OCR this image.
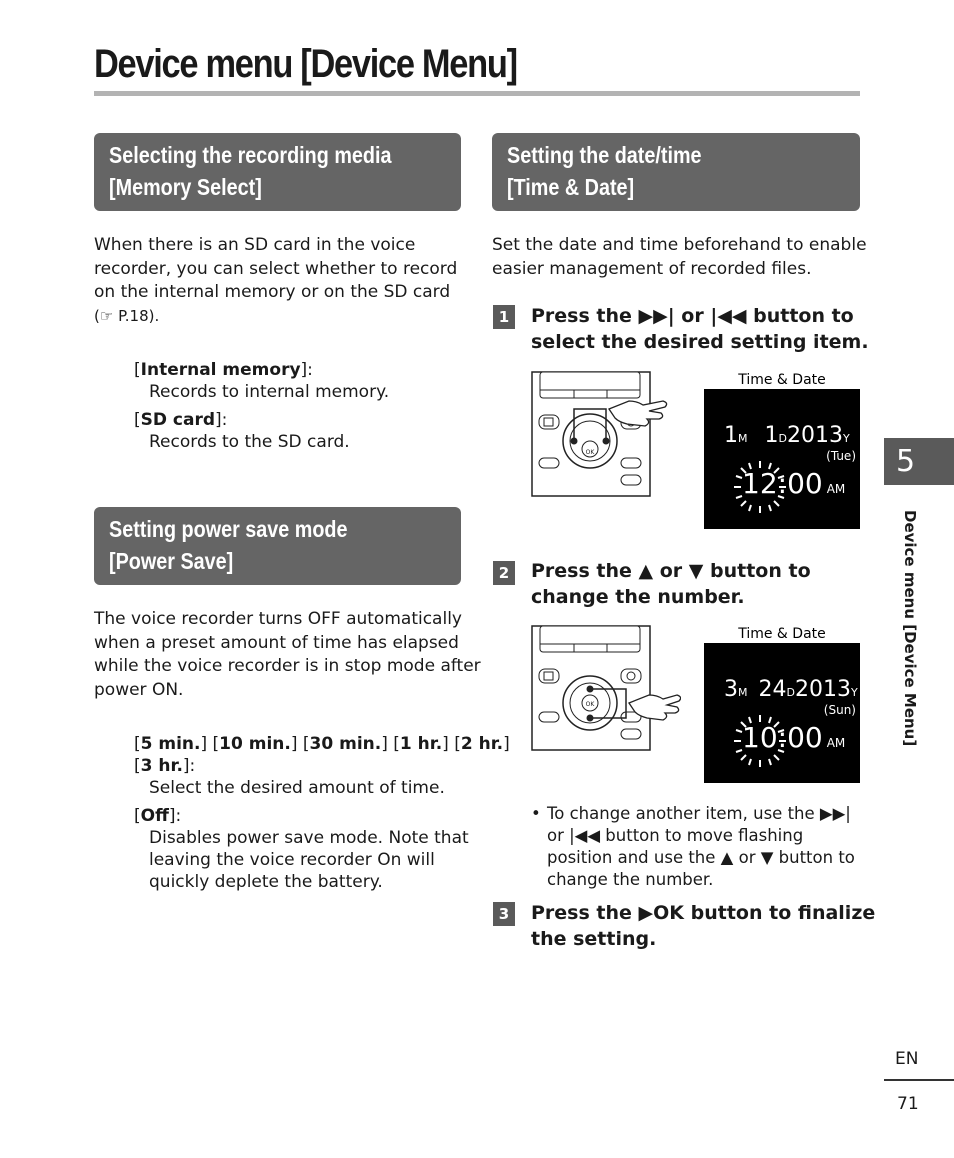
Device menu [Device Menu]
Selecting the recording media
[Memory Select]
When there is an SD card in the voice
recorder, you can select whether to record
on the internal memory or on the SD card
(☞ P.18).
[Internal memory]:
Records to internal memory.
[SD card]:
Records to the SD card.
Setting power save mode
[Power Save]
The voice recorder turns OFF automatically
when a preset amount of time has elapsed
while the voice recorder is in stop mode after
power ON.
[5 min.] [10 min.] [30 min.] [1 hr.] [2 hr.]
[3 hr.]:
Select the desired amount of time.
[Off]:
Disables power save mode. Note that
leaving the voice recorder On will
quickly deplete the battery.
Setting the date/time
[Time & Date]
Set the date and time beforehand to enable
easier management of recorded files.
1	Press the ▶▶| or |◀◀ button to
select the desired setting item.
OK
Time & Date
1M 1D2013Y
(Tue)
12:00 AM
2	Press the ▲ or ▼ button to
change the number.
OK
Time & Date
3M 24D2013Y
(Sun)
10:00 AM
• To change another item, use the ▶▶|
or |◀◀ button to move flashing
position and use the ▲ or ▼ button to
change the number.
3	Press the ▶OK button to finalize
the setting.
5
Device menu [Device Menu]
EN
71
